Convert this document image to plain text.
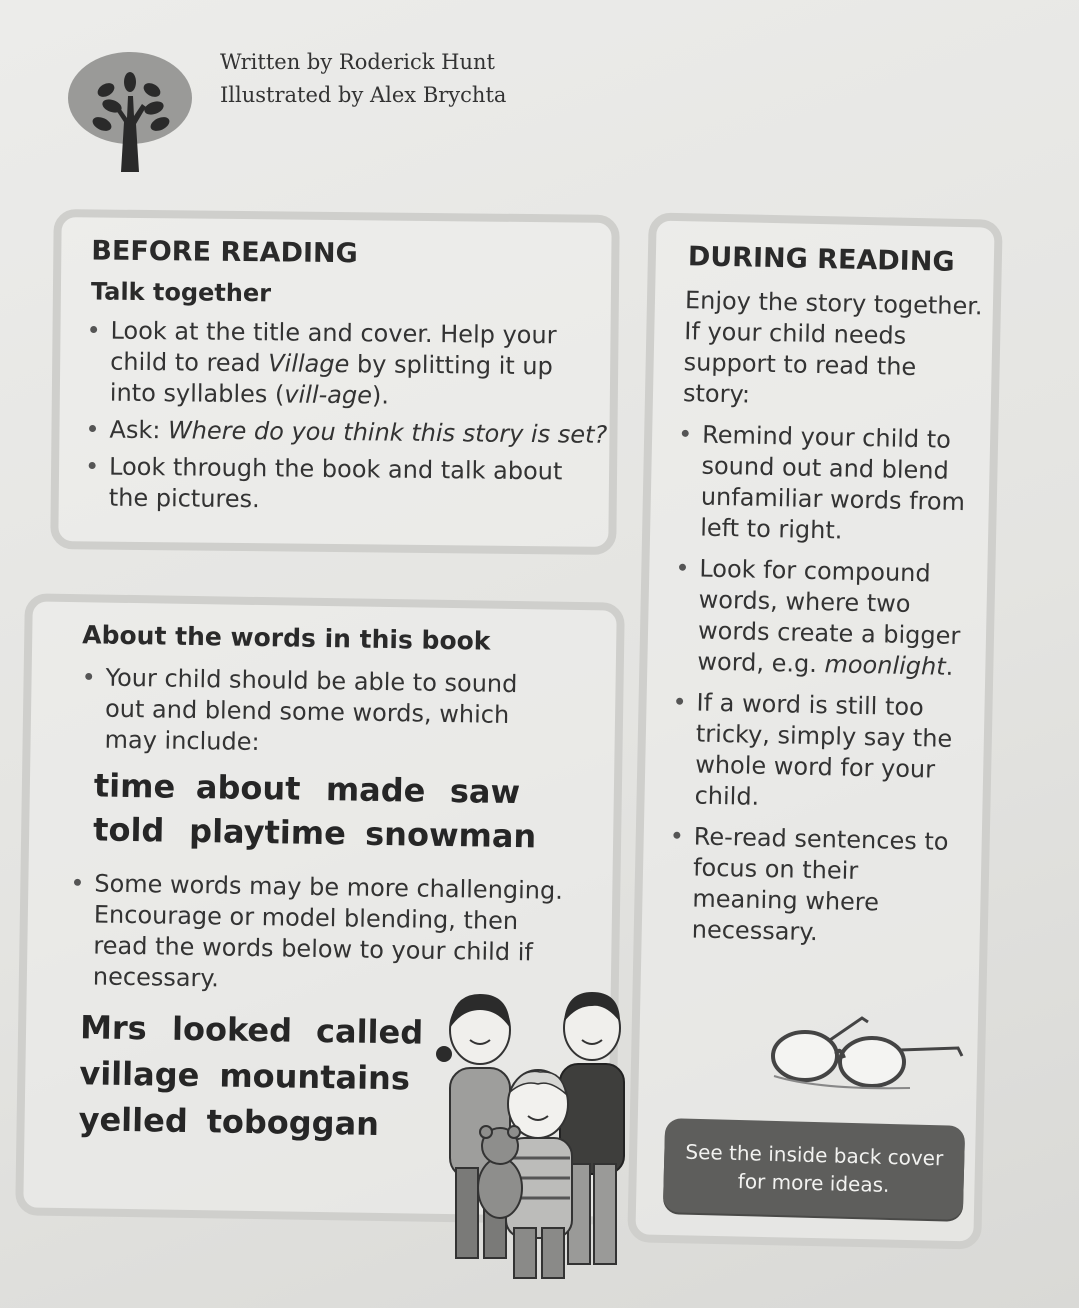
Written by Roderick Hunt
Illustrated by Alex Brychta
BEFORE READING
Talk together
• Look at the title and cover. Help your child to read Village by splitting it up into syllables (vill-age).
• Ask: Where do you think this story is set?
• Look through the book and talk about the pictures.
About the words in this book
• Your child should be able to sound out and blend some words, which may include:
time about made saw
told playtime snowman
• Some words may be more challenging. Encourage or model blending, then read the words below to your child if necessary.
Mrs looked called
village mountains
yelled toboggan
DURING READING
Enjoy the story together. If your child needs support to read the story:
• Remind your child to sound out and blend unfamiliar words from left to right.
• Look for compound words, where two words create a bigger word, e.g. moonlight.
• If a word is still too tricky, simply say the whole word for your child.
• Re-read sentences to focus on their meaning where necessary.
See the inside back cover
for more ideas.
